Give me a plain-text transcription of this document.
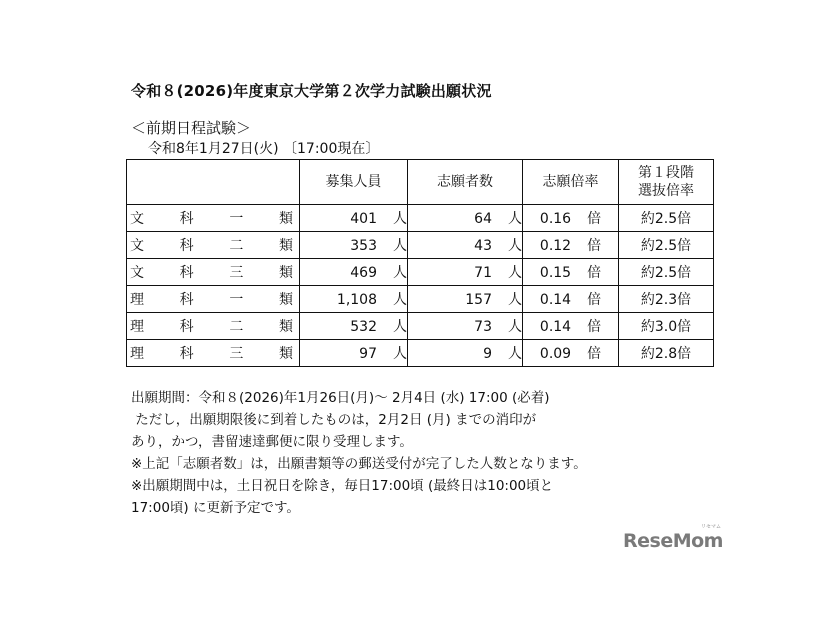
令和８(2026)年度東京大学第２次学力試験出願状況
＜前期日程試験＞
令和8年1月27日(火) 〔17:00現在〕
	募集人員	志願者数	志願倍率	第１段階
選抜倍率

文 科 一 類	401 人	64 人	0.16 倍	約2.5倍

文 科 二 類	353 人	43 人	0.12 倍	約2.5倍

文 科 三 類	469 人	71 人	0.15 倍	約2.5倍

理 科 一 類	1,108 人	157 人	0.14 倍	約2.3倍

理 科 二 類	532 人	73 人	0.14 倍	約3.0倍

理 科 三 類	97 人	9 人	0.09 倍	約2.8倍
出願期間：令和８(2026)年1月26日(月)～ 2月4日 (水) 17:00 (必着)
ただし，出願期限後に到着したものは，2月2日 (月) までの消印が
あり，かつ，書留速達郵便に限り受理します。
※上記「志願者数」は，出願書類等の郵送受付が完了した人数となります。
※出願期間中は，土日祝日を除き，毎日17:00頃 (最終日は10:00頃と
17:00頃) に更新予定です。
ReseMom
リセマム
